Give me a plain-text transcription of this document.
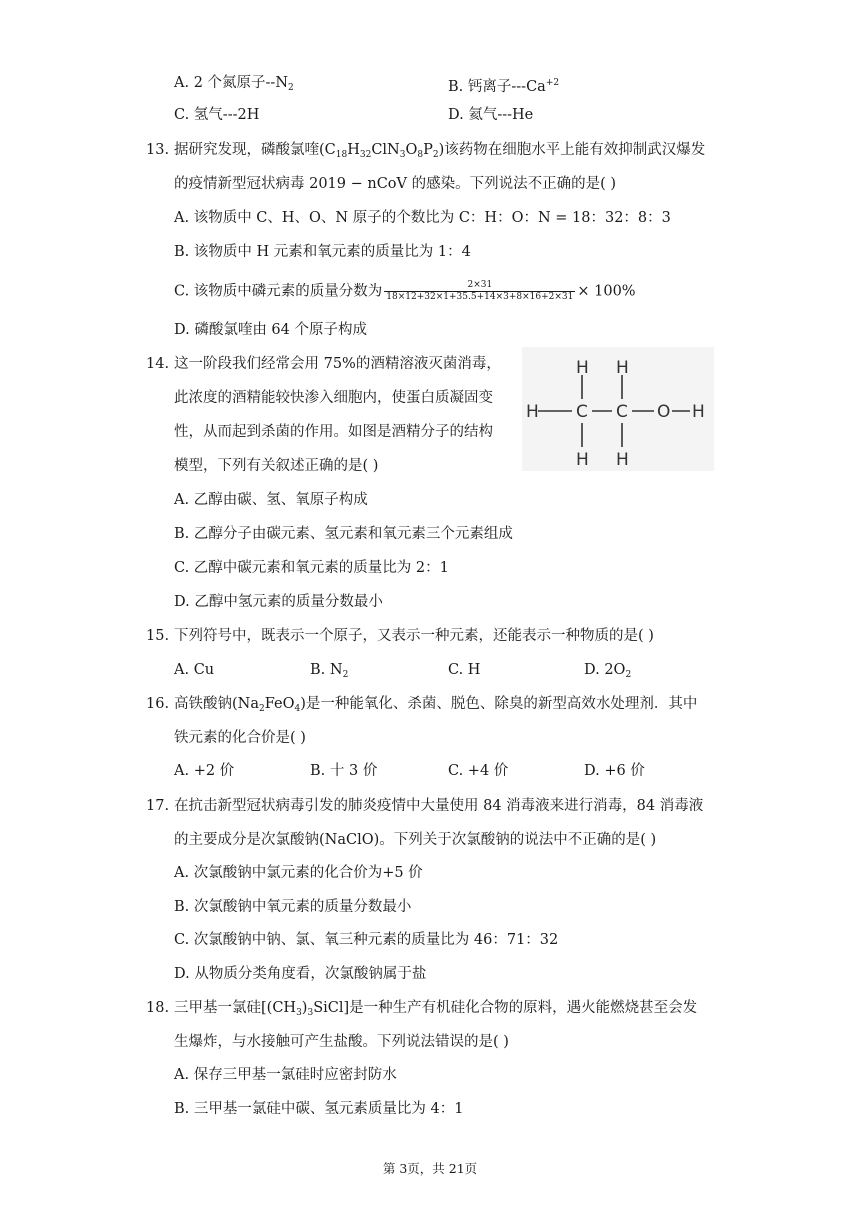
A. 2 个氮原子$--N_2$	B. 钙离子$---Ca^{+2}$
C. 氢气---2H	D. 氦气---He
13. 据研究发现，磷酸氯喹$(C_{18}H_{32}ClN_3O_8P_2)$该药物在细胞水平上能有效抑制武汉爆发
的疫情新型冠状病毒 2019 − nCoV 的感染。下列说法不正确的是( )
A. 该物质中 C、H、O、N 原子的个数比为 C：H：O：N = 18：32：8：3
B. 该物质中 H 元素和氧元素的质量比为 1：4
C. 该物质中磷元素的质量分数为 $\frac{2\times 31}{18\times 12+32\times 1+35.5+14\times 3+8\times 16+2\times 31} \times 100\%$
D. 磷酸氯喹由 64 个原子构成
14. 这一阶段我们经常会用 75%的酒精溶液灭菌消毒，
此浓度的酒精能较快渗入细胞内，使蛋白质凝固变
性，从而起到杀菌的作用。如图是酒精分子的结构
模型，下列有关叙述正确的是( )
H H
H C C O H
H H
A. 乙醇由碳、氢、氧原子构成
B. 乙醇分子由碳元素、氢元素和氧元素三个元素组成
C. 乙醇中碳元素和氧元素的质量比为 2：1
D. 乙醇中氢元素的质量分数最小
15. 下列符号中，既表示一个原子，又表示一种元素，还能表示一种物质的是( )
A. Cu	B. $N_2$	C. H	D. $2O_2$
16. 高铁酸钠$(Na_2FeO_4)$是一种能氧化、杀菌、脱色、除臭的新型高效水处理剂．其中
铁元素的化合价是( )
A. +2 价	B. 十 3 价	C. +4 价	D. +6 价
17. 在抗击新型冠状病毒引发的肺炎疫情中大量使用 84 消毒液来进行消毒，84 消毒液
的主要成分是次氯酸钠(NaClO)。下列关于次氯酸钠的说法中不正确的是( )
A. 次氯酸钠中氯元素的化合价为+5 价
B. 次氯酸钠中氧元素的质量分数最小
C. 次氯酸钠中钠、氯、氧三种元素的质量比为 46：71：32
D. 从物质分类角度看，次氯酸钠属于盐
18. 三甲基一氯硅$[(CH_3)_3SiCl]$是一种生产有机硅化合物的原料，遇火能燃烧甚至会发
生爆炸，与水接触可产生盐酸。下列说法错误的是( )
A. 保存三甲基一氯硅时应密封防水
B. 三甲基一氯硅中碳、氢元素质量比为 4：1
第 3页，共 21页
